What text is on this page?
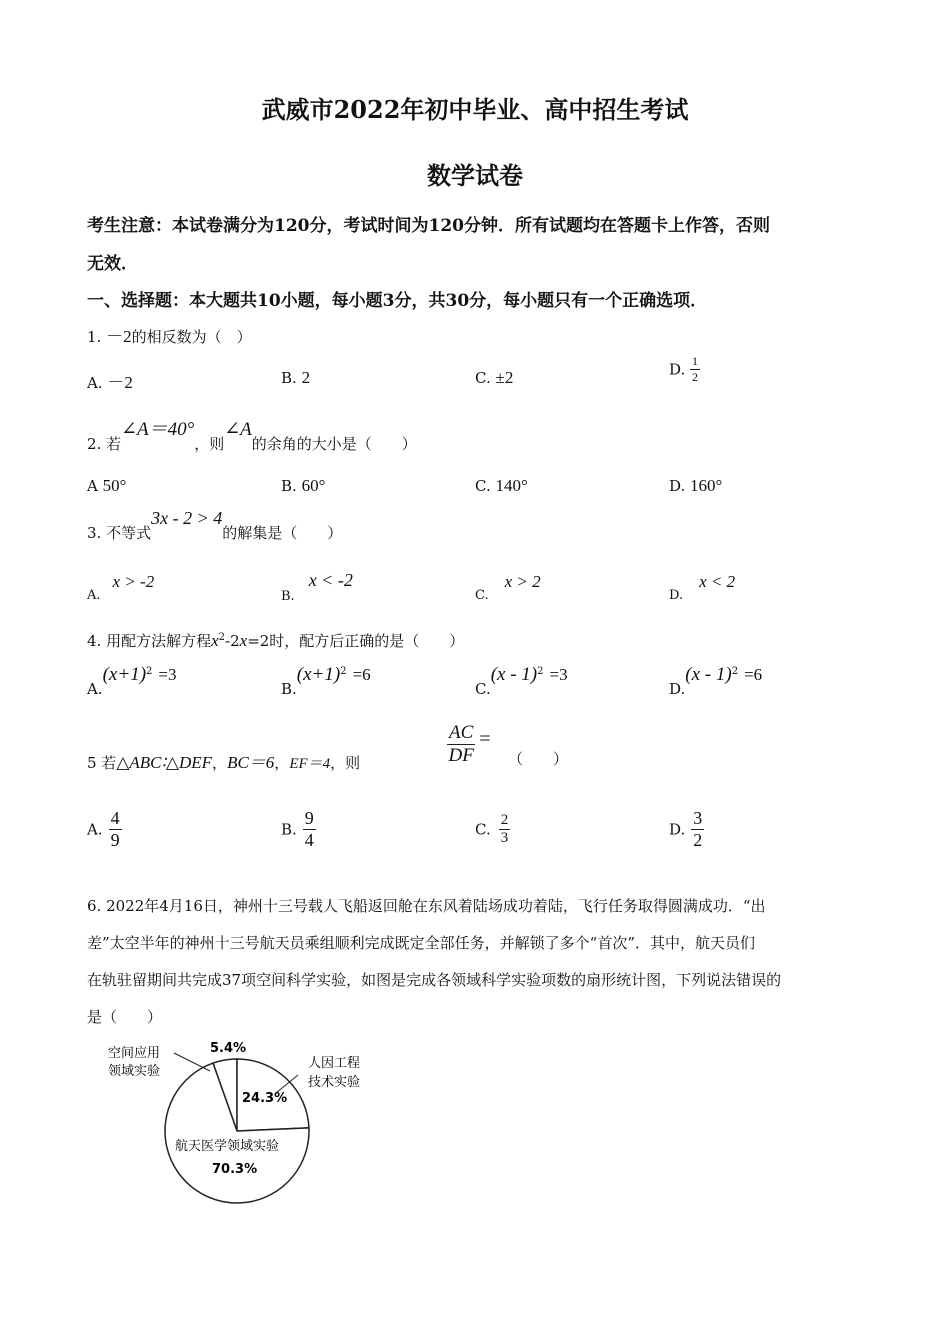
武威市2022年初中毕业、高中招生考试
数学试卷
考生注意：本试卷满分为120分，考试时间为120分钟．所有试题均在答题卡上作答，否则
无效．
一、选择题：本大题共10小题，每小题3分，共30分，每小题只有一个正确选项．
1. －2的相反数为（　）
A. －2	B. 2	C. ±2	D. $\frac{1}{2}$
2. 若∠A＝40°，则∠A的余角的大小是（　　）
A 50°	B. 60°	C. 140°	D. 160°
3. 不等式3x - 2 > 4的解集是（　　）
A.x > -2
B.x < -2
C.x > 2
D.x < 2
4. 用配方法解方程$x^2-2x=2$时，配方后正确的是（　　）
$A.(x+1)^2 =3$
$B.(x+1)^2 =6$
C.(x - 1)$^2$ =3
D.(x - 1)$^2$ =6
5 若△ABC∶△DEF，BC＝6，EF＝4，则	$\frac{AC}{DF}$ =
（　　）
A. $\frac{4}{9}$	B. $\frac{9}{4}$	C. $\frac{2}{3}$	D. $\frac{3}{2}$
6. 2022年4月16日，神州十三号载人飞船返回舱在东风着陆场成功着陆，飞行任务取得圆满成功．“出
差”太空半年的神州十三号航天员乘组顺利完成既定全部任务，并解锁了多个“首次”．其中，航天员们
在轨驻留期间共完成37项空间科学实验，如图是完成各领域科学实验项数的扇形统计图，下列说法错误的
是（　　）
空间应用
领域实验
5.4%
人因工程
技术实验
24.3%
航天医学领域实验
70.3%
